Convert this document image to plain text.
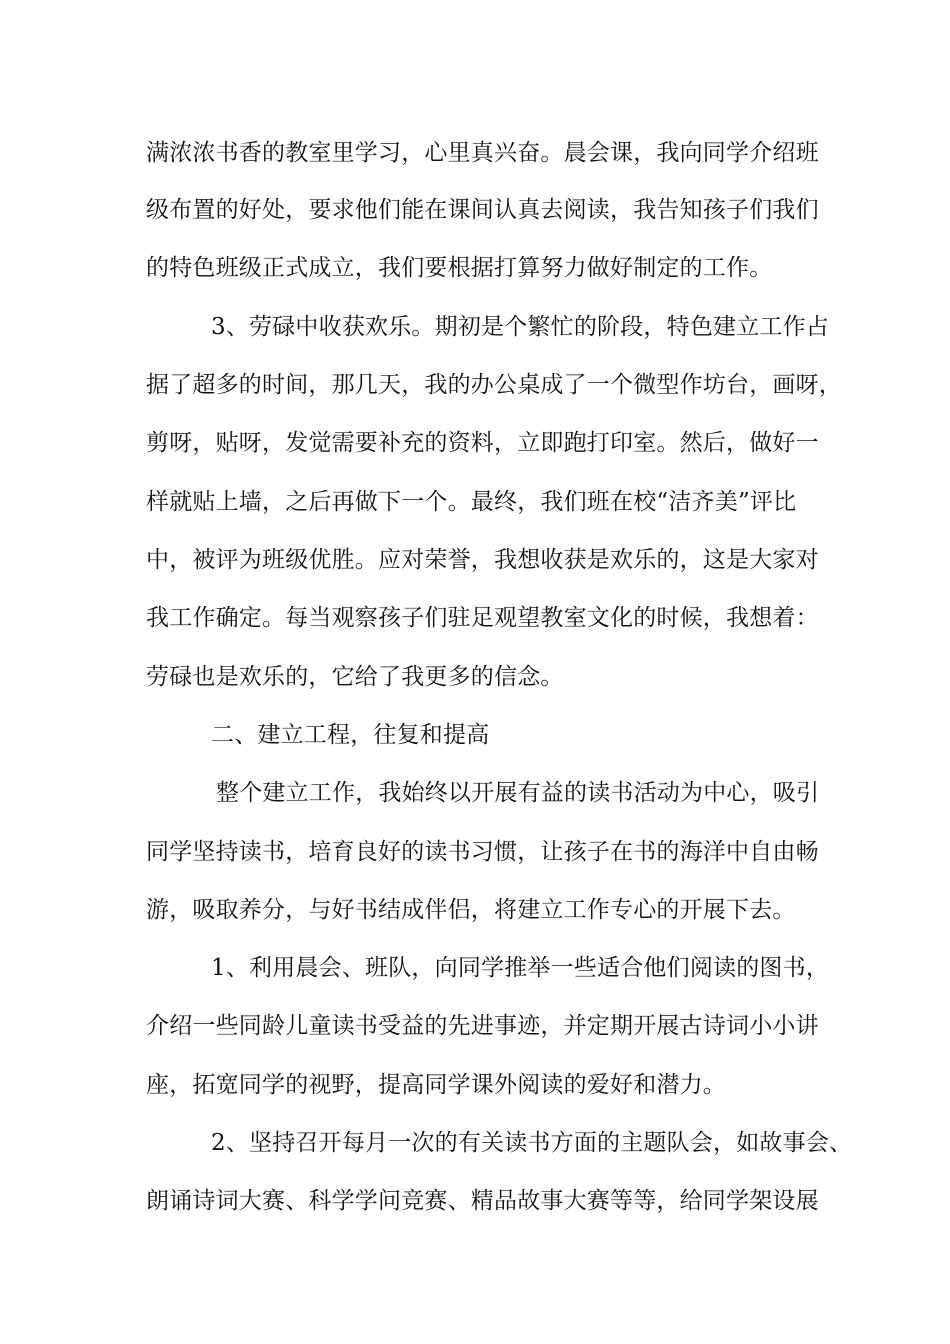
满浓浓书香的教室里学习，心里真兴奋。晨会课，我向同学介绍班
级布置的好处，要求他们能在课间认真去阅读，我告知孩子们我们
的特色班级正式成立，我们要根据打算努力做好制定的工作。
3、劳碌中收获欢乐。期初是个繁忙的阶段，特色建立工作占
据了超多的时间，那几天，我的办公桌成了一个微型作坊台，画呀，
剪呀，贴呀，发觉需要补充的资料，立即跑打印室。然后，做好一
样就贴上墙，之后再做下一个。最终，我们班在校“洁齐美”评比
中，被评为班级优胜。应对荣誉，我想收获是欢乐的，这是大家对
我工作确定。每当观察孩子们驻足观望教室文化的时候，我想着：
劳碌也是欢乐的，它给了我更多的信念。
二、建立工程，往复和提高
整个建立工作，我始终以开展有益的读书活动为中心，吸引
同学坚持读书，培育良好的读书习惯，让孩子在书的海洋中自由畅
游，吸取养分，与好书结成伴侣，将建立工作专心的开展下去。
1、利用晨会、班队，向同学推举一些适合他们阅读的图书，
介绍一些同龄儿童读书受益的先进事迹，并定期开展古诗词小小讲
座，拓宽同学的视野，提高同学课外阅读的爱好和潜力。
2、坚持召开每月一次的有关读书方面的主题队会，如故事会、
朗诵诗词大赛、科学学问竞赛、精品故事大赛等等，给同学架设展
